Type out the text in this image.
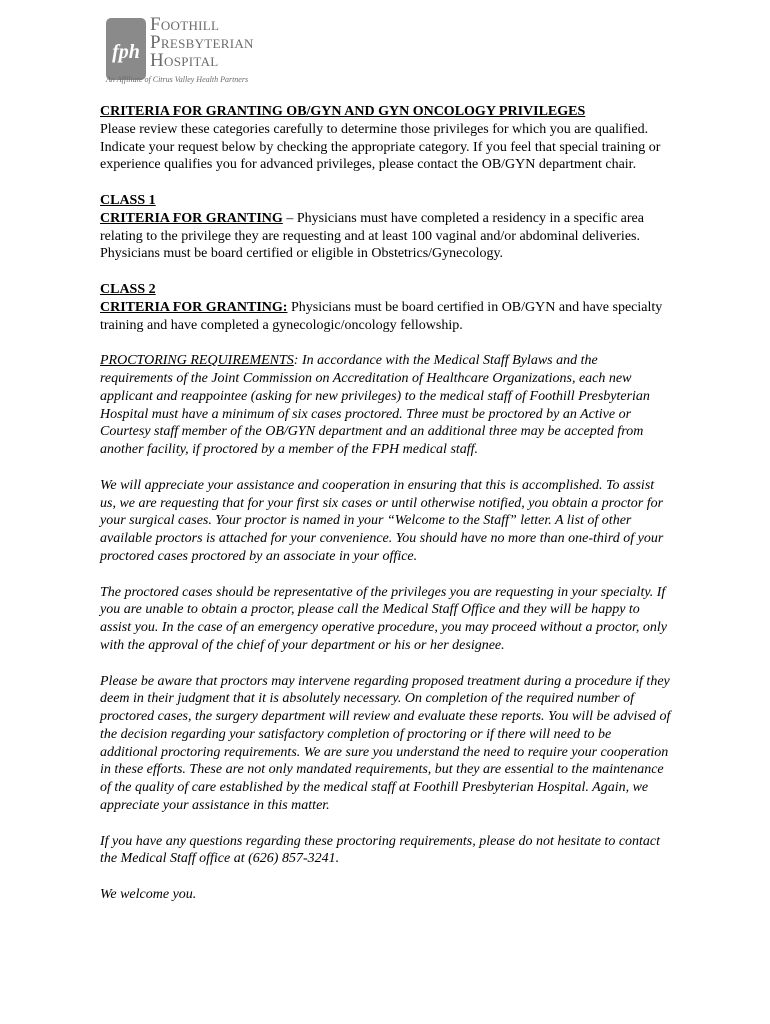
fph
Foothill
Presbyterian
Hospital
An Affiliate of Citrus Valley Health Partners
CRITERIA FOR GRANTING OB/GYN AND GYN ONCOLOGY PRIVILEGES

Please review these categories carefully to determine those privileges for which you are qualified. Indicate your request below by checking the appropriate category. If you feel that special training or experience qualifies you for advanced privileges, please contact the OB/GYN department chair.

CLASS 1

CRITERIA FOR GRANTING – Physicians must have completed a residency in a specific area relating to the privilege they are requesting and at least 100 vaginal and/or abdominal deliveries. Physicians must be board certified or eligible in Obstetrics/Gynecology.

CLASS 2

CRITERIA FOR GRANTING: Physicians must be board certified in OB/GYN and have specialty training and have completed a gynecologic/oncology fellowship.

PROCTORING REQUIREMENTS: In accordance with the Medical Staff Bylaws and the requirements of the Joint Commission on Accreditation of Healthcare Organizations, each new applicant and reappointee (asking for new privileges) to the medical staff of Foothill Presbyterian Hospital must have a minimum of six cases proctored. Three must be proctored by an Active or Courtesy staff member of the OB/GYN department and an additional three may be accepted from another facility, if proctored by a member of the FPH medical staff.

We will appreciate your assistance and cooperation in ensuring that this is accomplished. To assist us, we are requesting that for your first six cases or until otherwise notified, you obtain a proctor for your surgical cases. Your proctor is named in your “Welcome to the Staff” letter. A list of other available proctors is attached for your convenience. You should have no more than one-third of your proctored cases proctored by an associate in your office.

The proctored cases should be representative of the privileges you are requesting in your specialty. If you are unable to obtain a proctor, please call the Medical Staff Office and they will be happy to assist you. In the case of an emergency operative procedure, you may proceed without a proctor, only with the approval of the chief of your department or his or her designee.

Please be aware that proctors may intervene regarding proposed treatment during a procedure if they deem in their judgment that it is absolutely necessary. On completion of the required number of proctored cases, the surgery department will review and evaluate these reports. You will be advised of the decision regarding your satisfactory completion of proctoring or if there will need to be additional proctoring requirements. We are sure you understand the need to require your cooperation in these efforts. These are not only mandated requirements, but they are essential to the maintenance of the quality of care established by the medical staff at Foothill Presbyterian Hospital. Again, we appreciate your assistance in this matter.

If you have any questions regarding these proctoring requirements, please do not hesitate to contact the Medical Staff office at (626) 857-3241.

We welcome you.
